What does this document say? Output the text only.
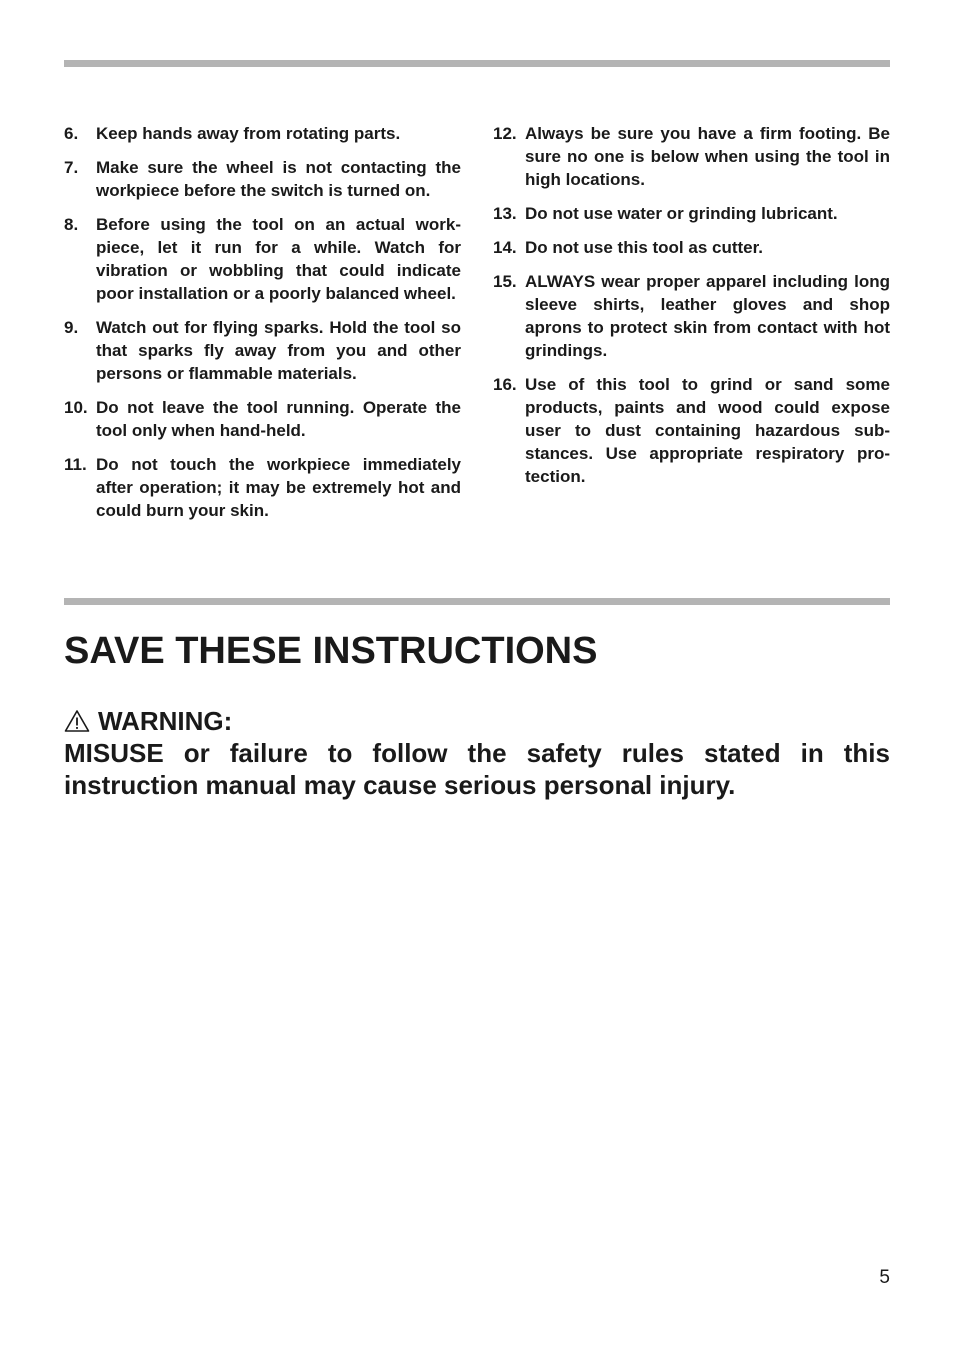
6.	Keep hands away from rotating parts.
7.	Make sure the wheel is not contacting the workpiece before the switch is turned on.
8.	Before using the tool on an actual work-piece, let it run for a while. Watch for vibration or wobbling that could indicate poor installation or a poorly balanced wheel.
9.	Watch out for flying sparks. Hold the tool so that sparks fly away from you and other persons or flammable materials.
10. Do not leave the tool running. Operate the tool only when hand-held.
11. Do not touch the workpiece immediately after operation; it may be extremely hot and could burn your skin.
12. Always be sure you have a firm footing. Be sure no one is below when using the tool in high locations.
13. Do not use water or grinding lubricant.
14. Do not use this tool as cutter.
15. ALWAYS wear proper apparel including long sleeve shirts, leather gloves and shop aprons to protect skin from contact with hot grindings.
16. Use of this tool to grind or sand some products, paints and wood could expose user to dust containing hazardous sub-stances. Use appropriate respiratory pro-tection.
SAVE THESE INSTRUCTIONS
WARNING:

MISUSE or failure to follow the safety rules stated in this instruction manual may cause serious personal injury.

5
